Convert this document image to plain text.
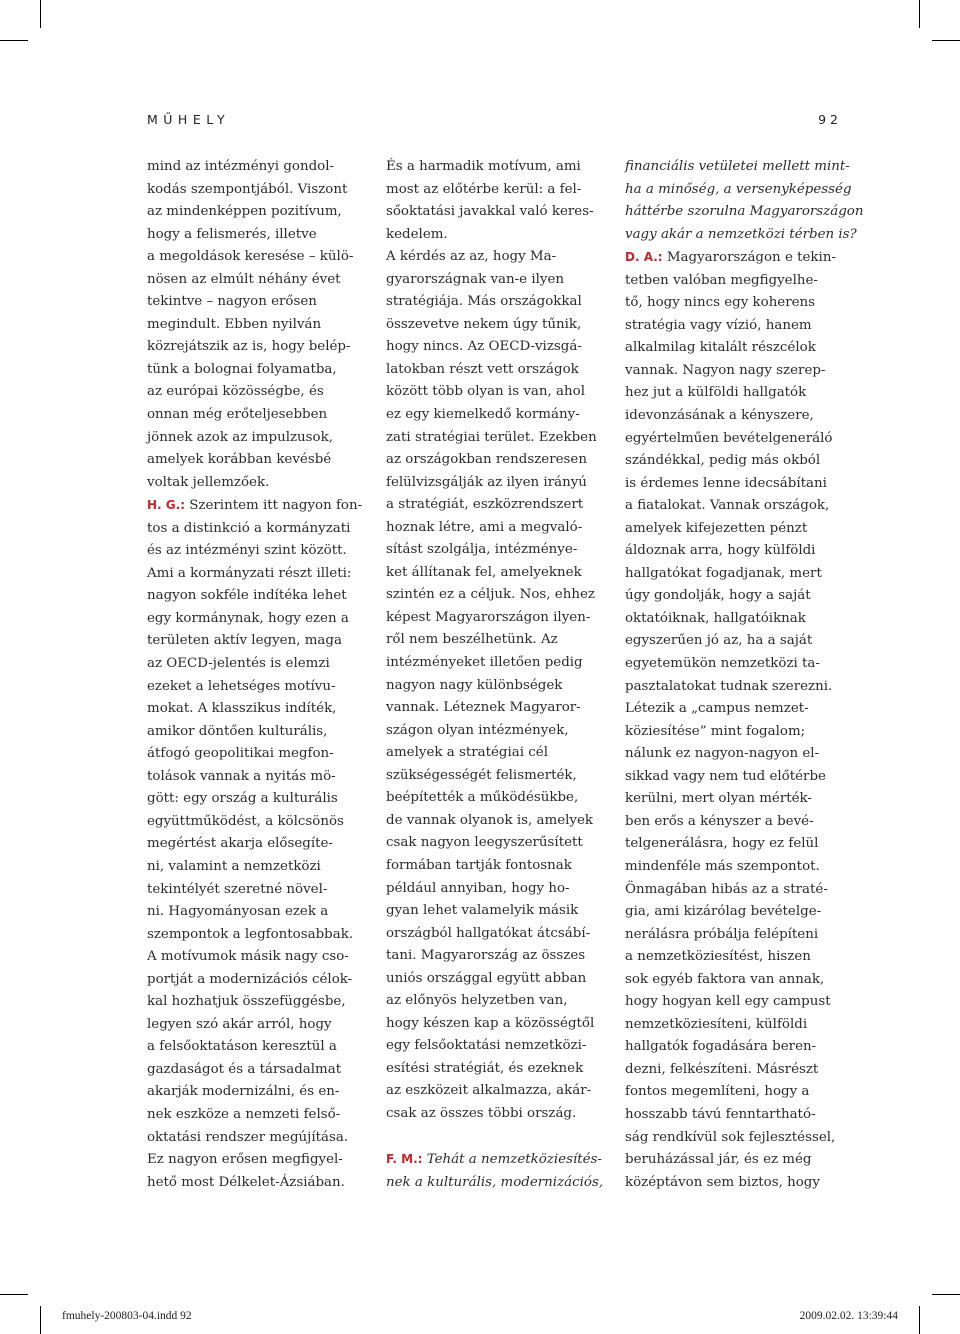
MŰHELY	92
mind az intézményi gondol-
kodás szempontjából. Viszont
az mindenképpen pozitívum,
hogy a felismerés, illetve
a megoldások keresése – külö-
nösen az elmúlt néhány évet
tekintve – nagyon erősen
megindult. Ebben nyilván
közrejátszik az is, hogy belép-
tünk a bolognai folyamatba,
az európai közösségbe, és
onnan még erőteljesebben
jönnek azok az impulzusok,
amelyek korábban kevésbé
voltak jellemzőek.
H. G.: Szerintem itt nagyon fon-
tos a distinkció a kormányzati
és az intézményi szint között.
Ami a kormányzati részt illeti:
nagyon sokféle indítéka lehet
egy kormánynak, hogy ezen a
területen aktív legyen, maga
az OECD-jelentés is elemzi
ezeket a lehetséges motívu-
mokat. A klasszikus indíték,
amikor döntően kulturális,
átfogó geopolitikai megfon-
tolások vannak a nyitás mö-
gött: egy ország a kulturális
együttműködést, a kölcsönös
megértést akarja elősegíte-
ni, valamint a nemzetközi
tekintélyét szeretné növel-
ni. Hagyományosan ezek a
szempontok a legfontosabbak.
A motívumok másik nagy cso-
portját a modernizációs célok-
kal hozhatjuk összefüggésbe,
legyen szó akár arról, hogy
a felsőoktatáson keresztül a
gazdaságot és a társadalmat
akarják modernizálni, és en-
nek eszköze a nemzeti felső-
oktatási rendszer megújítása.
Ez nagyon erősen megfigyel-
hető most Délkelet-Ázsiában.
És a harmadik motívum, ami
most az előtérbe kerül: a fel-
sőoktatási javakkal való keres-
kedelem.
A kérdés az az, hogy Ma-
gyarországnak van-e ilyen
stratégiája. Más országokkal
összevetve nekem úgy tűnik,
hogy nincs. Az OECD-vizsgá-
latokban részt vett országok
között több olyan is van, ahol
ez egy kiemelkedő kormány-
zati stratégiai terület. Ezekben
az országokban rendszeresen
felülvizsgálják az ilyen irányú
a stratégiát, eszközrendszert
hoznak létre, ami a megvaló-
sítást szolgálja, intézménye-
ket állítanak fel, amelyeknek
szintén ez a céljuk. Nos, ehhez
képest Magyarországon ilyen-
ről nem beszélhetünk. Az
intézményeket illetően pedig
nagyon nagy különbségek
vannak. Léteznek Magyaror-
szágon olyan intézmények,
amelyek a stratégiai cél
szükségességét felismerték,
beépítették a működésükbe,
de vannak olyanok is, amelyek
csak nagyon leegyszerűsített
formában tartják fontosnak
például annyiban, hogy ho-
gyan lehet valamelyik másik
országból hallgatókat átcsábí-
tani. Magyarország az összes
uniós országgal együtt abban
az előnyös helyzetben van,
hogy készen kap a közösségtől
egy felsőoktatási nemzetközi-
esítési stratégiát, és ezeknek
az eszközeit alkalmazza, akár-
csak az összes többi ország.

F. M.: Tehát a nemzetköziesítés-
nek a kulturális, modernizációs,
financiális vetületei mellett mint-
ha a minőség, a versenyképesség
háttérbe szorulna Magyarországon
vagy akár a nemzetközi térben is?
D. A.: Magyarországon e tekin-
tetben valóban megfigyelhe-
tő, hogy nincs egy koherens
stratégia vagy vízió, hanem
alkalmilag kitalált részcélok
vannak. Nagyon nagy szerep-
hez jut a külföldi hallgatók
idevonzásának a kényszere,
egyértelműen bevételgeneráló
szándékkal, pedig más okból
is érdemes lenne idecsábítani
a fiatalokat. Vannak országok,
amelyek kifejezetten pénzt
áldoznak arra, hogy külföldi
hallgatókat fogadjanak, mert
úgy gondolják, hogy a saját
oktatóiknak, hallgatóiknak
egyszerűen jó az, ha a saját
egyetemükön nemzetközi ta-
pasztalatokat tudnak szerezni.
Létezik a „campus nemzet-
köziesítése” mint fogalom;
nálunk ez nagyon-nagyon el-
sikkad vagy nem tud előtérbe
kerülni, mert olyan mérték-
ben erős a kényszer a bevé-
telgenerálásra, hogy ez felül
mindenféle más szempontot.
Önmagában hibás az a straté-
gia, ami kizárólag bevételge-
nerálásra próbálja felépíteni
a nemzetköziesítést, hiszen
sok egyéb faktora van annak,
hogy hogyan kell egy campust
nemzetköziesíteni, külföldi
hallgatók fogadására beren-
dezni, felkészíteni. Másrészt
fontos megemlíteni, hogy a
hosszabb távú fenntartható-
ság rendkívül sok fejlesztéssel,
beruházással jár, és ez még
középtávon sem biztos, hogy
fmuhely-200803-04.indd 92	2009.02.02. 13:39:44
